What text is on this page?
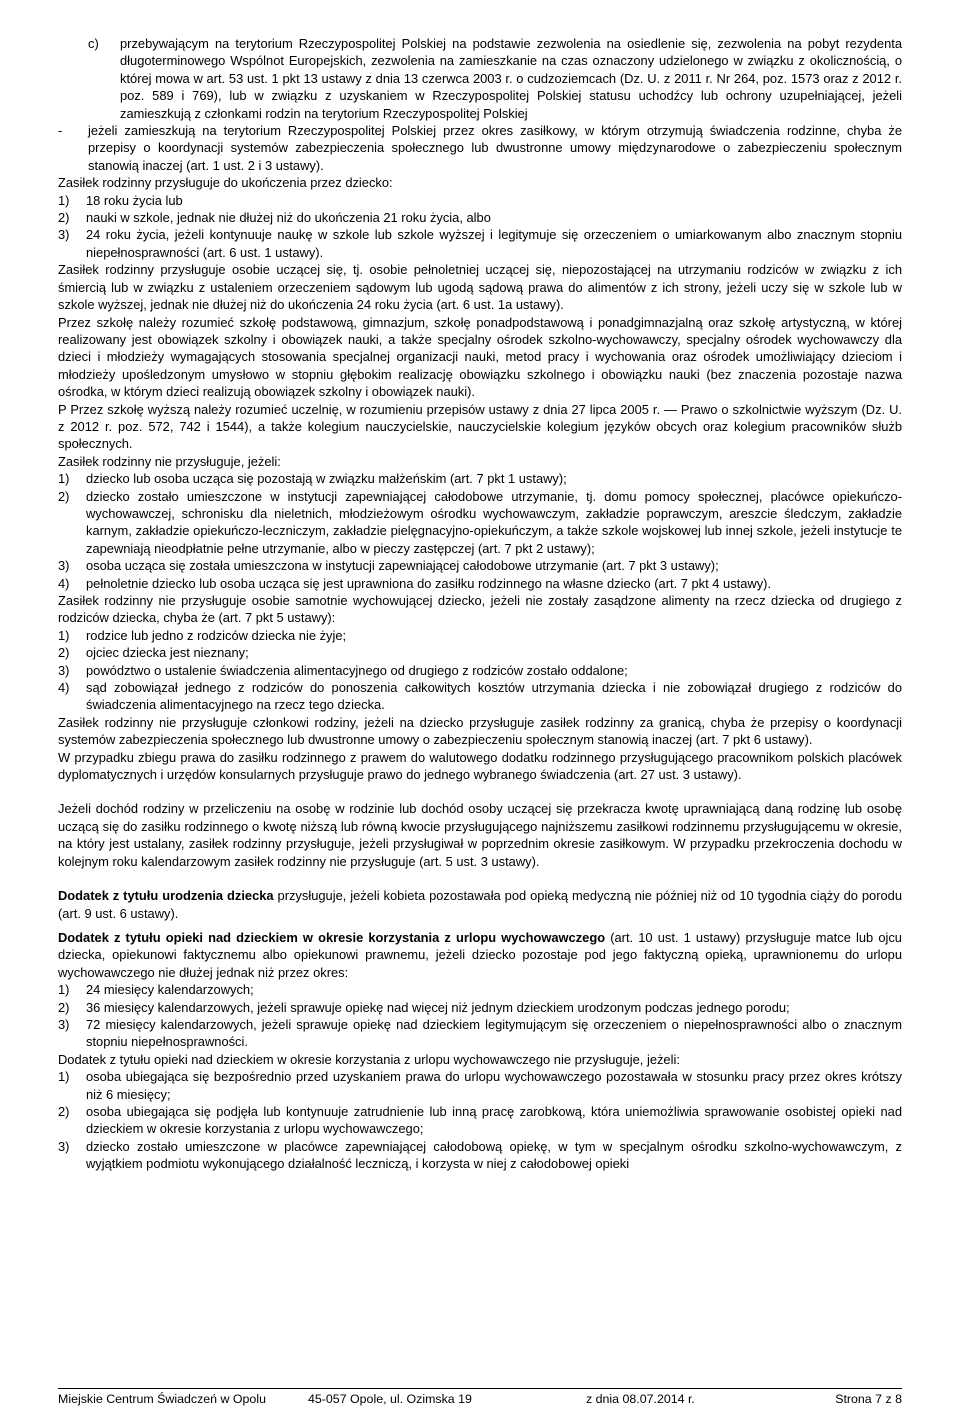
c) przebywającym na terytorium Rzeczypospolitej Polskiej na podstawie zezwolenia na osiedlenie się, zezwolenia na pobyt rezydenta długoterminowego Wspólnot Europejskich, zezwolenia na zamieszkanie na czas oznaczony udzielonego w związku z okolicznością, o której mowa w art. 53 ust. 1 pkt 13 ustawy z dnia 13 czerwca 2003 r. o cudzoziemcach (Dz. U. z 2011 r. Nr 264, poz. 1573 oraz z 2012 r. poz. 589 i 769), lub w związku z uzyskaniem w Rzeczypospolitej Polskiej statusu uchodźcy lub ochrony uzupełniającej, jeżeli zamieszkują z członkami rodzin na terytorium Rzeczypospolitej Polskiej
- jeżeli zamieszkują na terytorium Rzeczypospolitej Polskiej przez okres zasiłkowy, w którym otrzymują świadczenia rodzinne, chyba że przepisy o koordynacji systemów zabezpieczenia społecznego lub dwustronne umowy międzynarodowe o zabezpieczeniu społecznym stanowią inaczej (art. 1 ust. 2 i 3 ustawy).

Zasiłek rodzinny przysługuje do ukończenia przez dziecko:

1) 18 roku życia lub
2) nauki w szkole, jednak nie dłużej niż do ukończenia 21 roku życia, albo
3) 24 roku życia, jeżeli kontynuuje naukę w szkole lub szkole wyższej i legitymuje się orzeczeniem o umiarkowanym albo znacznym stopniu niepełnosprawności (art. 6 ust. 1 ustawy).

Zasiłek rodzinny przysługuje osobie uczącej się, tj. osobie pełnoletniej uczącej się, niepozostającej na utrzymaniu rodziców w związku z ich śmiercią lub w związku z ustaleniem orzeczeniem sądowym lub ugodą sądową prawa do alimentów z ich strony, jeżeli uczy się w szkole lub w szkole wyższej, jednak nie dłużej niż do ukończenia 24 roku życia (art. 6 ust. 1a ustawy).

Przez szkołę należy rozumieć szkołę podstawową, gimnazjum, szkołę ponadpodstawową i ponadgimnazjalną oraz szkołę artystyczną, w której realizowany jest obowiązek szkolny i obowiązek nauki, a także specjalny ośrodek szkolno-wychowawczy, specjalny ośrodek wychowawczy dla dzieci i młodzieży wymagających stosowania specjalnej organizacji nauki, metod pracy i wychowania oraz ośrodek umożliwiający dzieciom i młodzieży upośledzonym umysłowo w stopniu głębokim realizację obowiązku szkolnego i obowiązku nauki (bez znaczenia pozostaje nazwa ośrodka, w którym dzieci realizują obowiązek szkolny i obowiązek nauki).

P Przez szkołę wyższą należy rozumieć uczelnię, w rozumieniu przepisów ustawy z dnia 27 lipca 2005 r. — Prawo o szkolnictwie wyższym (Dz. U. z 2012 r. poz. 572, 742 i 1544), a także kolegium nauczycielskie, nauczycielskie kolegium języków obcych oraz kolegium pracowników służb społecznych.

Zasiłek rodzinny nie przysługuje, jeżeli:

1) dziecko lub osoba ucząca się pozostają w związku małżeńskim (art. 7 pkt 1 ustawy);
2) dziecko zostało umieszczone w instytucji zapewniającej całodobowe utrzymanie, tj. domu pomocy społecznej, placówce opiekuńczo-wychowawczej, schronisku dla nieletnich, młodzieżowym ośrodku wychowawczym, zakładzie poprawczym, areszcie śledczym, zakładzie karnym, zakładzie opiekuńczo-leczniczym, zakładzie pielęgnacyjno-opiekuńczym, a także szkole wojskowej lub innej szkole, jeżeli instytucje te zapewniają nieodpłatnie pełne utrzymanie, albo w pieczy zastępczej (art. 7 pkt 2 ustawy);
3) osoba ucząca się została umieszczona w instytucji zapewniającej całodobowe utrzymanie (art. 7 pkt 3 ustawy);
4) pełnoletnie dziecko lub osoba ucząca się jest uprawniona do zasiłku rodzinnego na własne dziecko (art. 7 pkt 4 ustawy).

Zasiłek rodzinny nie przysługuje osobie samotnie wychowującej dziecko, jeżeli nie zostały zasądzone alimenty na rzecz dziecka od drugiego z rodziców dziecka, chyba że (art. 7 pkt 5 ustawy):

1) rodzice lub jedno z rodziców dziecka nie żyje;
2) ojciec dziecka jest nieznany;
3) powództwo o ustalenie świadczenia alimentacyjnego od drugiego z rodziców zostało oddalone;
4) sąd zobowiązał jednego z rodziców do ponoszenia całkowitych kosztów utrzymania dziecka i nie zobowiązał drugiego z rodziców do świadczenia alimentacyjnego na rzecz tego dziecka.

Zasiłek rodzinny nie przysługuje członkowi rodziny, jeżeli na dziecko przysługuje zasiłek rodzinny za granicą, chyba że przepisy o koordynacji systemów zabezpieczenia społecznego lub dwustronne umowy o zabezpieczeniu społecznym stanowią inaczej (art. 7 pkt 6 ustawy).

W przypadku zbiegu prawa do zasiłku rodzinnego z prawem do walutowego dodatku rodzinnego przysługującego pracownikom polskich placówek dyplomatycznych i urzędów konsularnych przysługuje prawo do jednego wybranego świadczenia (art. 27 ust. 3 ustawy).

Jeżeli dochód rodziny w przeliczeniu na osobę w rodzinie lub dochód osoby uczącej się przekracza kwotę uprawniającą daną rodzinę lub osobę uczącą się do zasiłku rodzinnego o kwotę niższą lub równą kwocie przysługującego najniższemu zasiłkowi rodzinnemu przysługującemu w okresie, na który jest ustalany, zasiłek rodzinny przysługuje, jeżeli przysługiwał w poprzednim okresie zasiłkowym. W przypadku przekroczenia dochodu w kolejnym roku kalendarzowym zasiłek rodzinny nie przysługuje (art. 5 ust. 3 ustawy).

Dodatek z tytułu urodzenia dziecka przysługuje, jeżeli kobieta pozostawała pod opieką medyczną nie później niż od 10 tygodnia ciąży do porodu (art. 9 ust. 6 ustawy).

Dodatek z tytułu opieki nad dzieckiem w okresie korzystania z urlopu wychowawczego (art. 10 ust. 1 ustawy) przysługuje matce lub ojcu dziecka, opiekunowi faktycznemu albo opiekunowi prawnemu, jeżeli dziecko pozostaje pod jego faktyczną opieką, uprawnionemu do urlopu wychowawczego nie dłużej jednak niż przez okres:

1) 24 miesięcy kalendarzowych;
2) 36 miesięcy kalendarzowych, jeżeli sprawuje opiekę nad więcej niż jednym dzieckiem urodzonym podczas jednego porodu;
3) 72 miesięcy kalendarzowych, jeżeli sprawuje opiekę nad dzieckiem legitymującym się orzeczeniem o niepełnosprawności albo o znacznym stopniu niepełnosprawności.

Dodatek z tytułu opieki nad dzieckiem w okresie korzystania z urlopu wychowawczego nie przysługuje, jeżeli:

1) osoba ubiegająca się bezpośrednio przed uzyskaniem prawa do urlopu wychowawczego pozostawała w stosunku pracy przez okres krótszy niż 6 miesięcy;
2) osoba ubiegająca się podjęła lub kontynuuje zatrudnienie lub inną pracę zarobkową, która uniemożliwia sprawowanie osobistej opieki nad dzieckiem w okresie korzystania z urlopu wychowawczego;
3) dziecko zostało umieszczone w placówce zapewniającej całodobową opiekę, w tym w specjalnym ośrodku szkolno-wychowawczym, z wyjątkiem podmiotu wykonującego działalność leczniczą, i korzysta w niej z całodobowej opieki
Miejskie Centrum Świadczeń w Opolu	45-057 Opole, ul. Ozimska 19	z dnia 08.07.2014 r.	Strona 7 z 8
